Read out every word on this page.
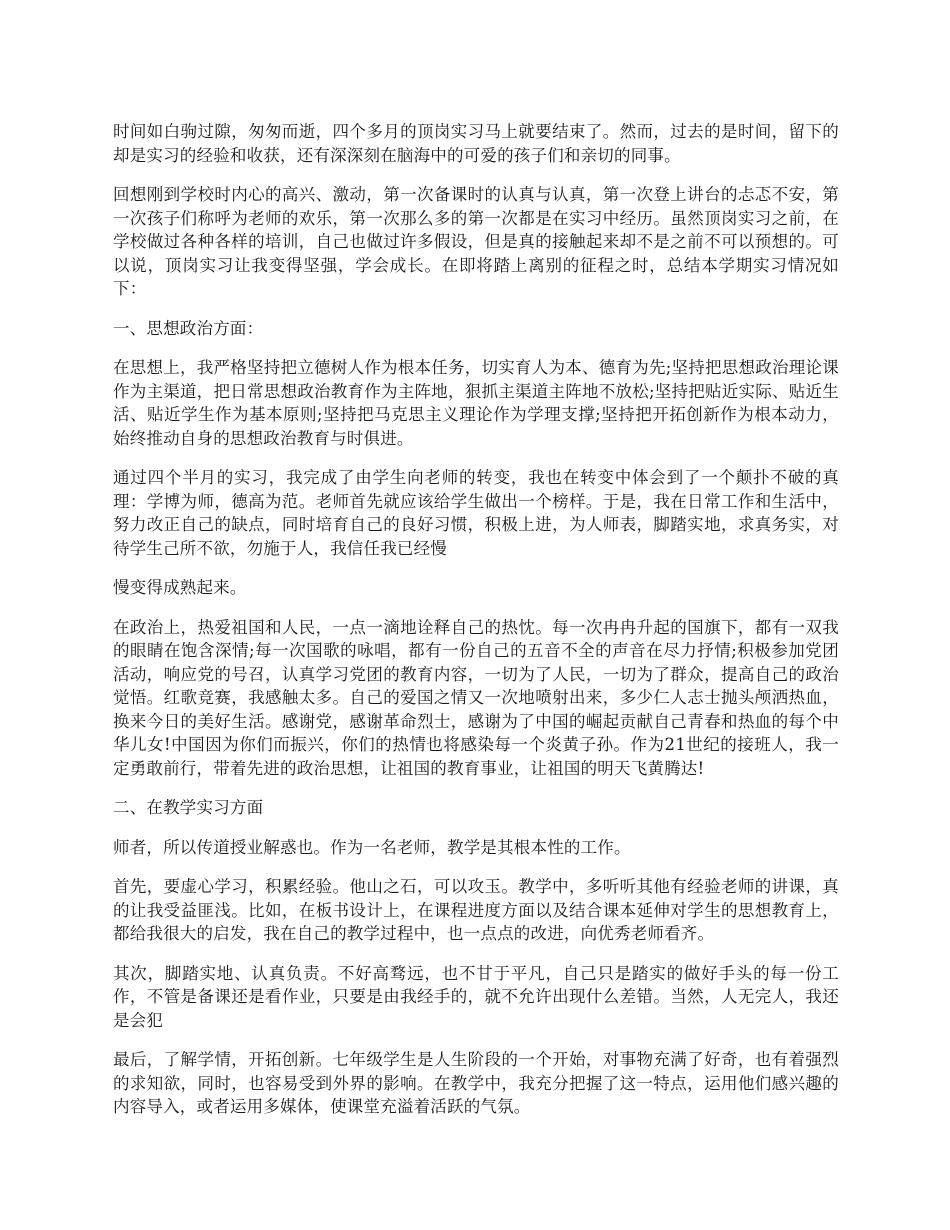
时间如白驹过隙，匆匆而逝，四个多月的顶岗实习马上就要结束了。然而，过去的是时间，留下的却是实习的经验和收获，还有深深刻在脑海中的可爱的孩子们和亲切的同事。

回想刚到学校时内心的高兴、激动，第一次备课时的认真与认真，第一次登上讲台的忐忑不安，第一次孩子们称呼为老师的欢乐，第一次那么多的第一次都是在实习中经历。虽然顶岗实习之前，在学校做过各种各样的培训，自己也做过许多假设，但是真的接触起来却不是之前不可以预想的。可以说，顶岗实习让我变得坚强，学会成长。在即将踏上离别的征程之时，总结本学期实习情况如下：

一、思想政治方面：

在思想上，我严格坚持把立德树人作为根本任务，切实育人为本、德育为先;坚持把思想政治理论课作为主渠道，把日常思想政治教育作为主阵地，狠抓主渠道主阵地不放松;坚持把贴近实际、贴近生活、贴近学生作为基本原则;坚持把马克思主义理论作为学理支撑;坚持把开拓创新作为根本动力，始终推动自身的思想政治教育与时俱进。

通过四个半月的实习，我完成了由学生向老师的转变，我也在转变中体会到了一个颠扑不破的真理：学博为师，德高为范。老师首先就应该给学生做出一个榜样。于是，我在日常工作和生活中，努力改正自己的缺点，同时培育自己的良好习惯，积极上进，为人师表，脚踏实地，求真务实，对待学生己所不欲，勿施于人，我信任我已经慢

慢变得成熟起来。

在政治上，热爱祖国和人民，一点一滴地诠释自己的热忱。每一次冉冉升起的国旗下，都有一双我的眼睛在饱含深情;每一次国歌的咏唱，都有一份自己的五音不全的声音在尽力抒情;积极参加党团活动，响应党的号召，认真学习党团的教育内容，一切为了人民，一切为了群众，提高自己的政治觉悟。红歌竞赛，我感触太多。自己的爱国之情又一次地喷射出来，多少仁人志士抛头颅洒热血，换来今日的美好生活。感谢党，感谢革命烈士，感谢为了中国的崛起贡献自己青春和热血的每个中华儿女!中国因为你们而振兴，你们的热情也将感染每一个炎黄子孙。作为21世纪的接班人，我一定勇敢前行，带着先进的政治思想，让祖国的教育事业，让祖国的明天飞黄腾达!

二、在教学实习方面

师者，所以传道授业解惑也。作为一名老师，教学是其根本性的工作。

首先，要虚心学习，积累经验。他山之石，可以攻玉。教学中，多听听其他有经验老师的讲课，真的让我受益匪浅。比如，在板书设计上，在课程进度方面以及结合课本延伸对学生的思想教育上，都给我很大的启发，我在自己的教学过程中，也一点点的改进，向优秀老师看齐。

其次，脚踏实地、认真负责。不好高骛远，也不甘于平凡，自己只是踏实的做好手头的每一份工作，不管是备课还是看作业，只要是由我经手的，就不允许出现什么差错。当然，人无完人，我还是会犯

最后，了解学情，开拓创新。七年级学生是人生阶段的一个开始，对事物充满了好奇，也有着强烈的求知欲，同时，也容易受到外界的影响。在教学中，我充分把握了这一特点，运用他们感兴趣的内容导入，或者运用多媒体，使课堂充溢着活跃的气氛。
